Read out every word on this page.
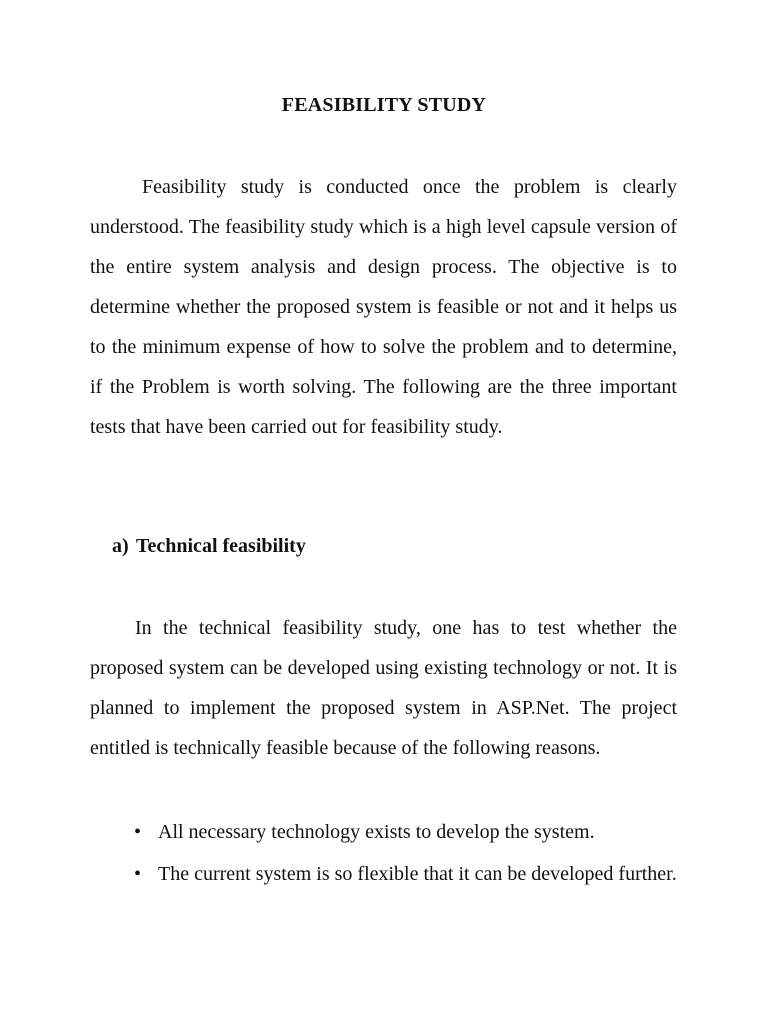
FEASIBILITY STUDY

Feasibility study is conducted once the problem is clearly understood. The feasibility study which is a high level capsule version of the entire system analysis and design process. The objective is to determine whether the proposed system is feasible or not and it helps us to the minimum expense of how to solve the problem and to determine, if the Problem is worth solving. The following are the three important tests that have been carried out for feasibility study.

a) Technical feasibility

In the technical feasibility study, one has to test whether the proposed system can be developed using existing technology or not. It is planned to implement the proposed system in ASP.Net. The project entitled is technically feasible because of the following reasons.

• All necessary technology exists to develop the system.
• The current system is so flexible that it can be developed further.
